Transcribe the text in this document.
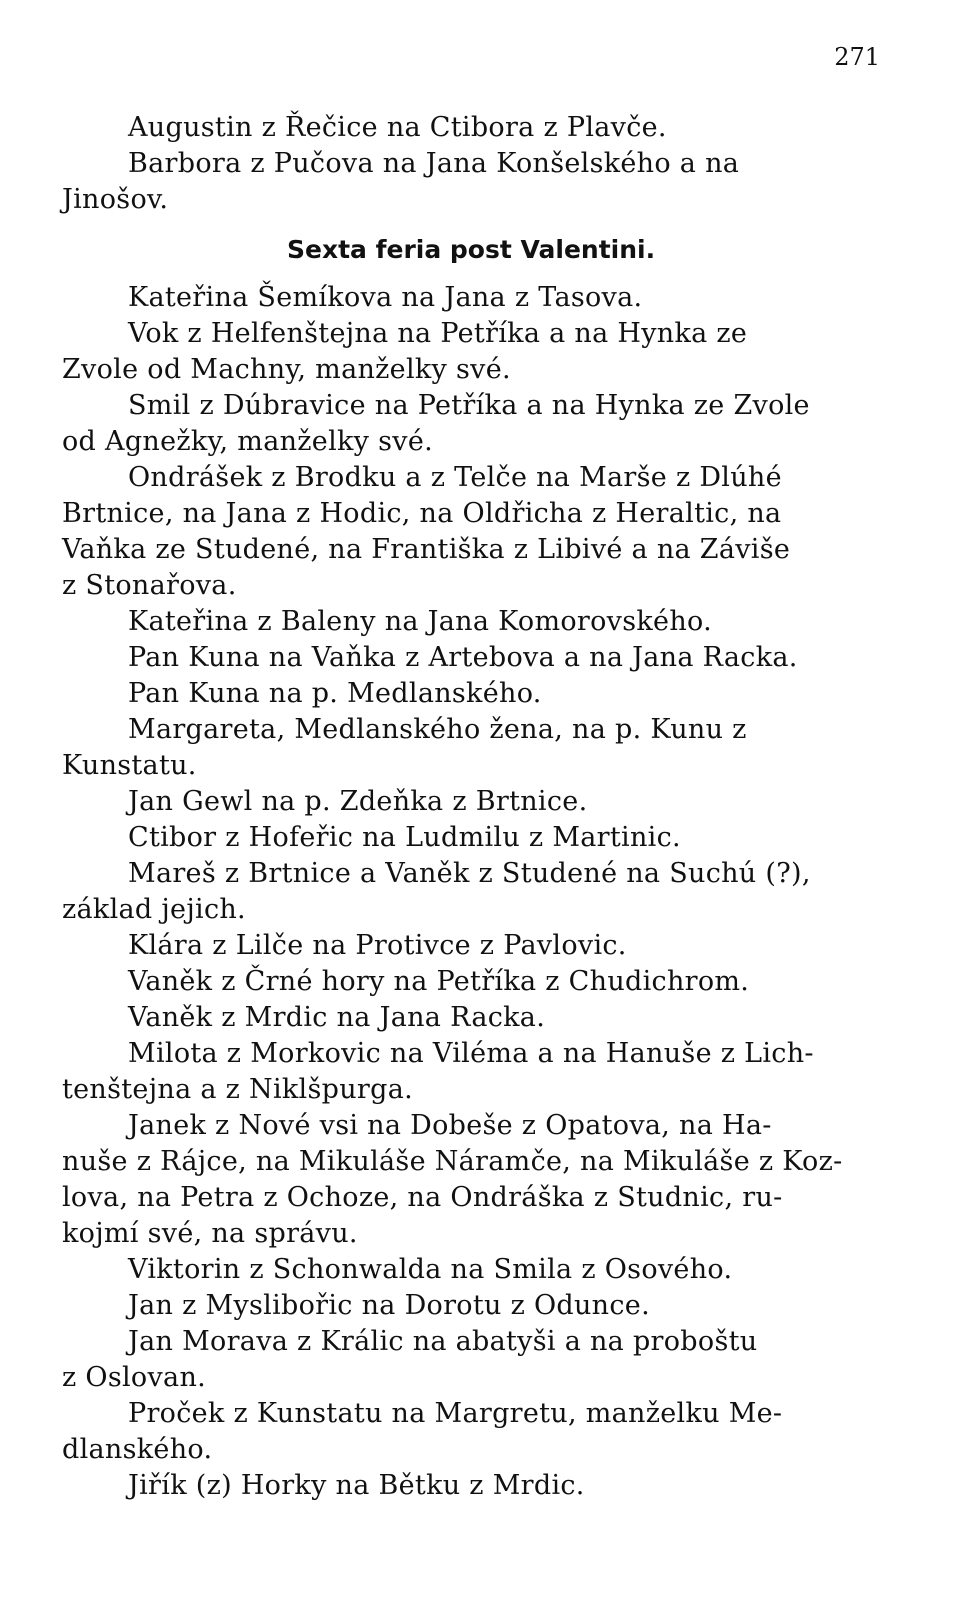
271
Augustin z Řečice na Ctibora z Plavče.
Barbora z Pučova na Jana Konšelského a na
Jinošov.
Sexta feria post Valentini.
Kateřina Šemíkova na Jana z Tasova.
Vok z Helfenštejna na Petříka a na Hynka ze
Zvole od Machny, manželky své.
Smil z Dúbravice na Petříka a na Hynka ze Zvole
od Agnežky, manželky své.
Ondrášek z Brodku a z Telče na Marše z Dlúhé
Brtnice, na Jana z Hodic, na Oldřicha z Heraltic, na
Vaňka ze Studené, na Františka z Libivé a na Záviše
z Stonařova.
Kateřina z Baleny na Jana Komorovského.
Pan Kuna na Vaňka z Artebova a na Jana Racka.
Pan Kuna na p. Medlanského.
Margareta, Medlanského žena, na p. Kunu z
Kunstatu.
Jan Gewl na p. Zdeňka z Brtnice.
Ctibor z Hofeřic na Ludmilu z Martinic.
Mareš z Brtnice a Vaněk z Studené na Suchú (?),
základ jejich.
Klára z Lilče na Protivce z Pavlovic.
Vaněk z Črné hory na Petříka z Chudichrom.
Vaněk z Mrdic na Jana Racka.
Milota z Morkovic na Viléma a na Hanuše z Lich-
tenštejna a z Niklšpurga.
Janek z Nové vsi na Dobeše z Opatova, na Ha-
nuše z Rájce, na Mikuláše Náramče, na Mikuláše z Koz-
lova, na Petra z Ochoze, na Ondráška z Studnic, ru-
kojmí své, na správu.
Viktorin z Schonwalda na Smila z Osového.
Jan z Myslibořic na Dorotu z Odunce.
Jan Morava z Králic na abatyši a na proboštu
z Oslovan.
Proček z Kunstatu na Margretu, manželku Me-
dlanského.
Jiřík (z) Horky na Bětku z Mrdic.
